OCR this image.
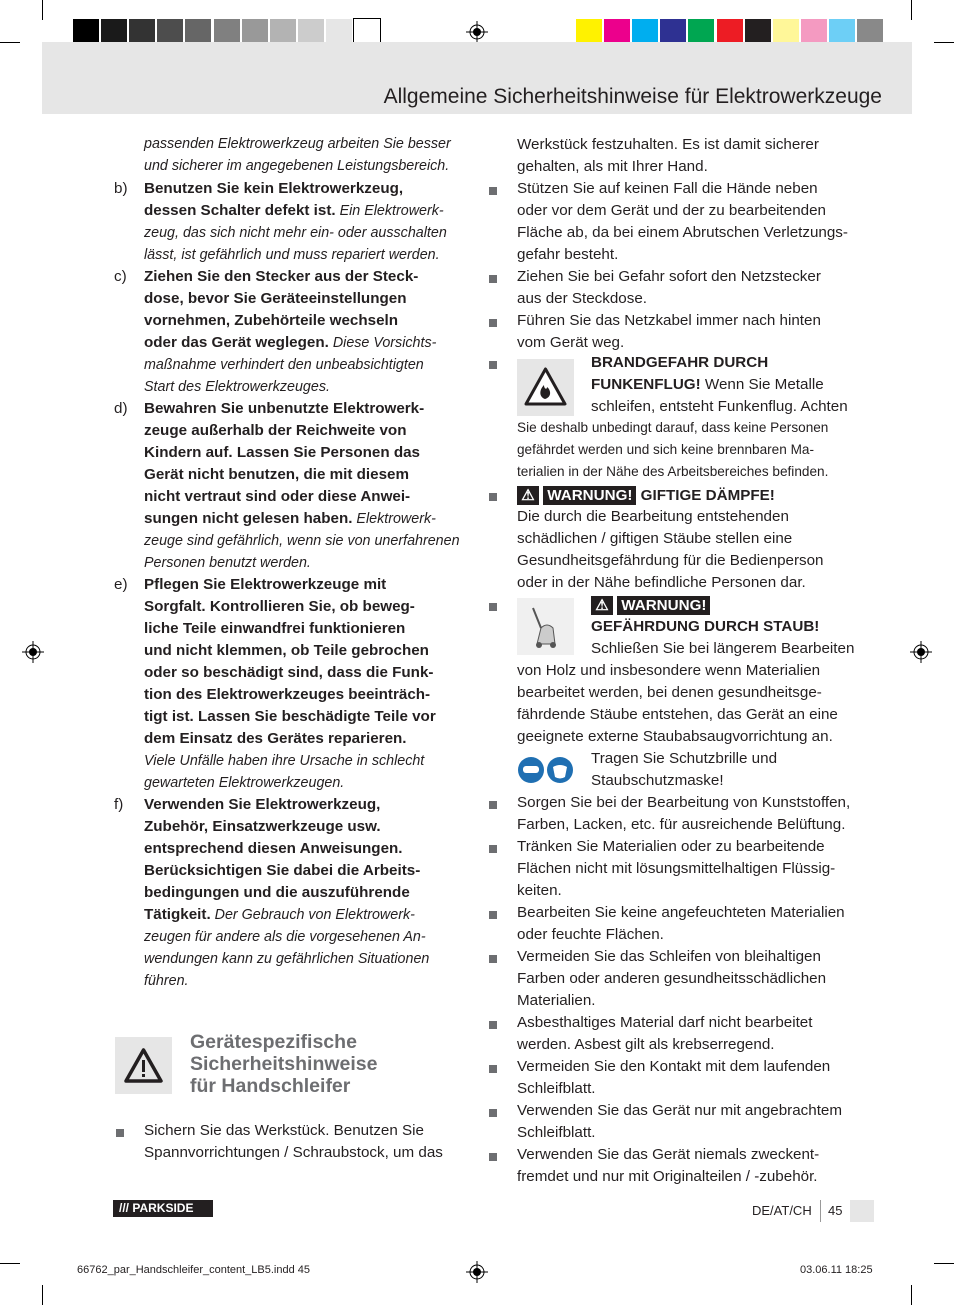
Allgemeine Sicherheitshinweise für Elektrowerkzeuge
passenden Elektrowerkzeug arbeiten Sie besser
und sicherer im angegebenen Leistungsbereich.
b) Benutzen Sie kein Elektrowerkzeug,
dessen Schalter defekt ist. Ein Elektrowerk-
zeug, das sich nicht mehr ein- oder ausschalten
lässt, ist gefährlich und muss repariert werden.
c) Ziehen Sie den Stecker aus der Steck-
dose, bevor Sie Geräteeinstellungen
vornehmen, Zubehörteile wechseln
oder das Gerät weglegen. Diese Vorsichts-
maßnahme verhindert den unbeabsichtigten
Start des Elektrowerkzeuges.
d) Bewahren Sie unbenutzte Elektrowerk-
zeuge außerhalb der Reichweite von
Kindern auf. Lassen Sie Personen das
Gerät nicht benutzen, die mit diesem
nicht vertraut sind oder diese Anwei-
sungen nicht gelesen haben. Elektrowerk-
zeuge sind gefährlich, wenn sie von unerfahrenen
Personen benutzt werden.
e) Pflegen Sie Elektrowerkzeuge mit
Sorgfalt. Kontrollieren Sie, ob beweg-
liche Teile einwandfrei funktionieren
und nicht klemmen, ob Teile gebrochen
oder so beschädigt sind, dass die Funk-
tion des Elektrowerkzeuges beeinträch-
tigt ist. Lassen Sie beschädigte Teile vor
dem Einsatz des Gerätes reparieren.
Viele Unfälle haben ihre Ursache in schlecht
gewarteten Elektrowerkzeugen.
f) Verwenden Sie Elektrowerkzeug,
Zubehör, Einsatzwerkzeuge usw.
entsprechend diesen Anweisungen.
Berücksichtigen Sie dabei die Arbeits-
bedingungen und die auszuführende
Tätigkeit. Der Gebrauch von Elektrowerk-
zeugen für andere als die vorgesehenen An-
wendungen kann zu gefährlichen Situationen
führen.
Sichern Sie das Werkstück. Benutzen Sie
Spannvorrichtungen / Schraubstock, um das
Gerätespezifische
Sicherheitshinweise
für Handschleifer
Werkstück festzuhalten. Es ist damit sicherer
gehalten, als mit Ihrer Hand.
Stützen Sie auf keinen Fall die Hände neben
oder vor dem Gerät und der zu bearbeitenden
Fläche ab, da bei einem Abrutschen Verletzungs-
gefahr besteht.
Ziehen Sie bei Gefahr sofort den Netzstecker
aus der Steckdose.
Führen Sie das Netzkabel immer nach hinten
vom Gerät weg.
BRANDGEFAHR DURCH
FUNKENFLUG! Wenn Sie Metalle
schleifen, entsteht Funkenflug. Achten
Sie deshalb unbedingt darauf, dass keine Personen
gefährdet werden und sich keine brennbaren Ma-
terialien in der Nähe des Arbeitsbereiches befinden.
⚠ WARNUNG! GIFTIGE DÄMPFE!
Die durch die Bearbeitung entstehenden
schädlichen / giftigen Stäube stellen eine
Gesundheitsgefährdung für die Bedienperson
oder in der Nähe befindliche Personen dar.
⚠ WARNUNG!
GEFÄHRDUNG DURCH STAUB!
Schließen Sie bei längerem Bearbeiten
von Holz und insbesondere wenn Materialien
bearbeitet werden, bei denen gesundheitsge-
fährdende Stäube entstehen, das Gerät an eine
geeignete externe Staubabsaugvorrichtung an.
Tragen Sie Schutzbrille und
Staubschutzmaske!
Sorgen Sie bei der Bearbeitung von Kunststoffen,
Farben, Lacken, etc. für ausreichende Belüftung.
Tränken Sie Materialien oder zu bearbeitende
Flächen nicht mit lösungsmittelhaltigen Flüssig-
keiten.
Bearbeiten Sie keine angefeuchteten Materialien
oder feuchte Flächen.
Vermeiden Sie das Schleifen von bleihaltigen
Farben oder anderen gesundheitsschädlichen
Materialien.
Asbesthaltiges Material darf nicht bearbeitet
werden. Asbest gilt als krebserregend.
Vermeiden Sie den Kontakt mit dem laufenden
Schleifblatt.
Verwenden Sie das Gerät nur mit angebrachtem
Schleifblatt.
Verwenden Sie das Gerät niemals zweckent-
fremdet und nur mit Originalteilen / -zubehör.
/// PARKSIDE	DE/AT/CH 45
66762_par_Handschleifer_content_LB5.indd 45	03.06.11 18:25
